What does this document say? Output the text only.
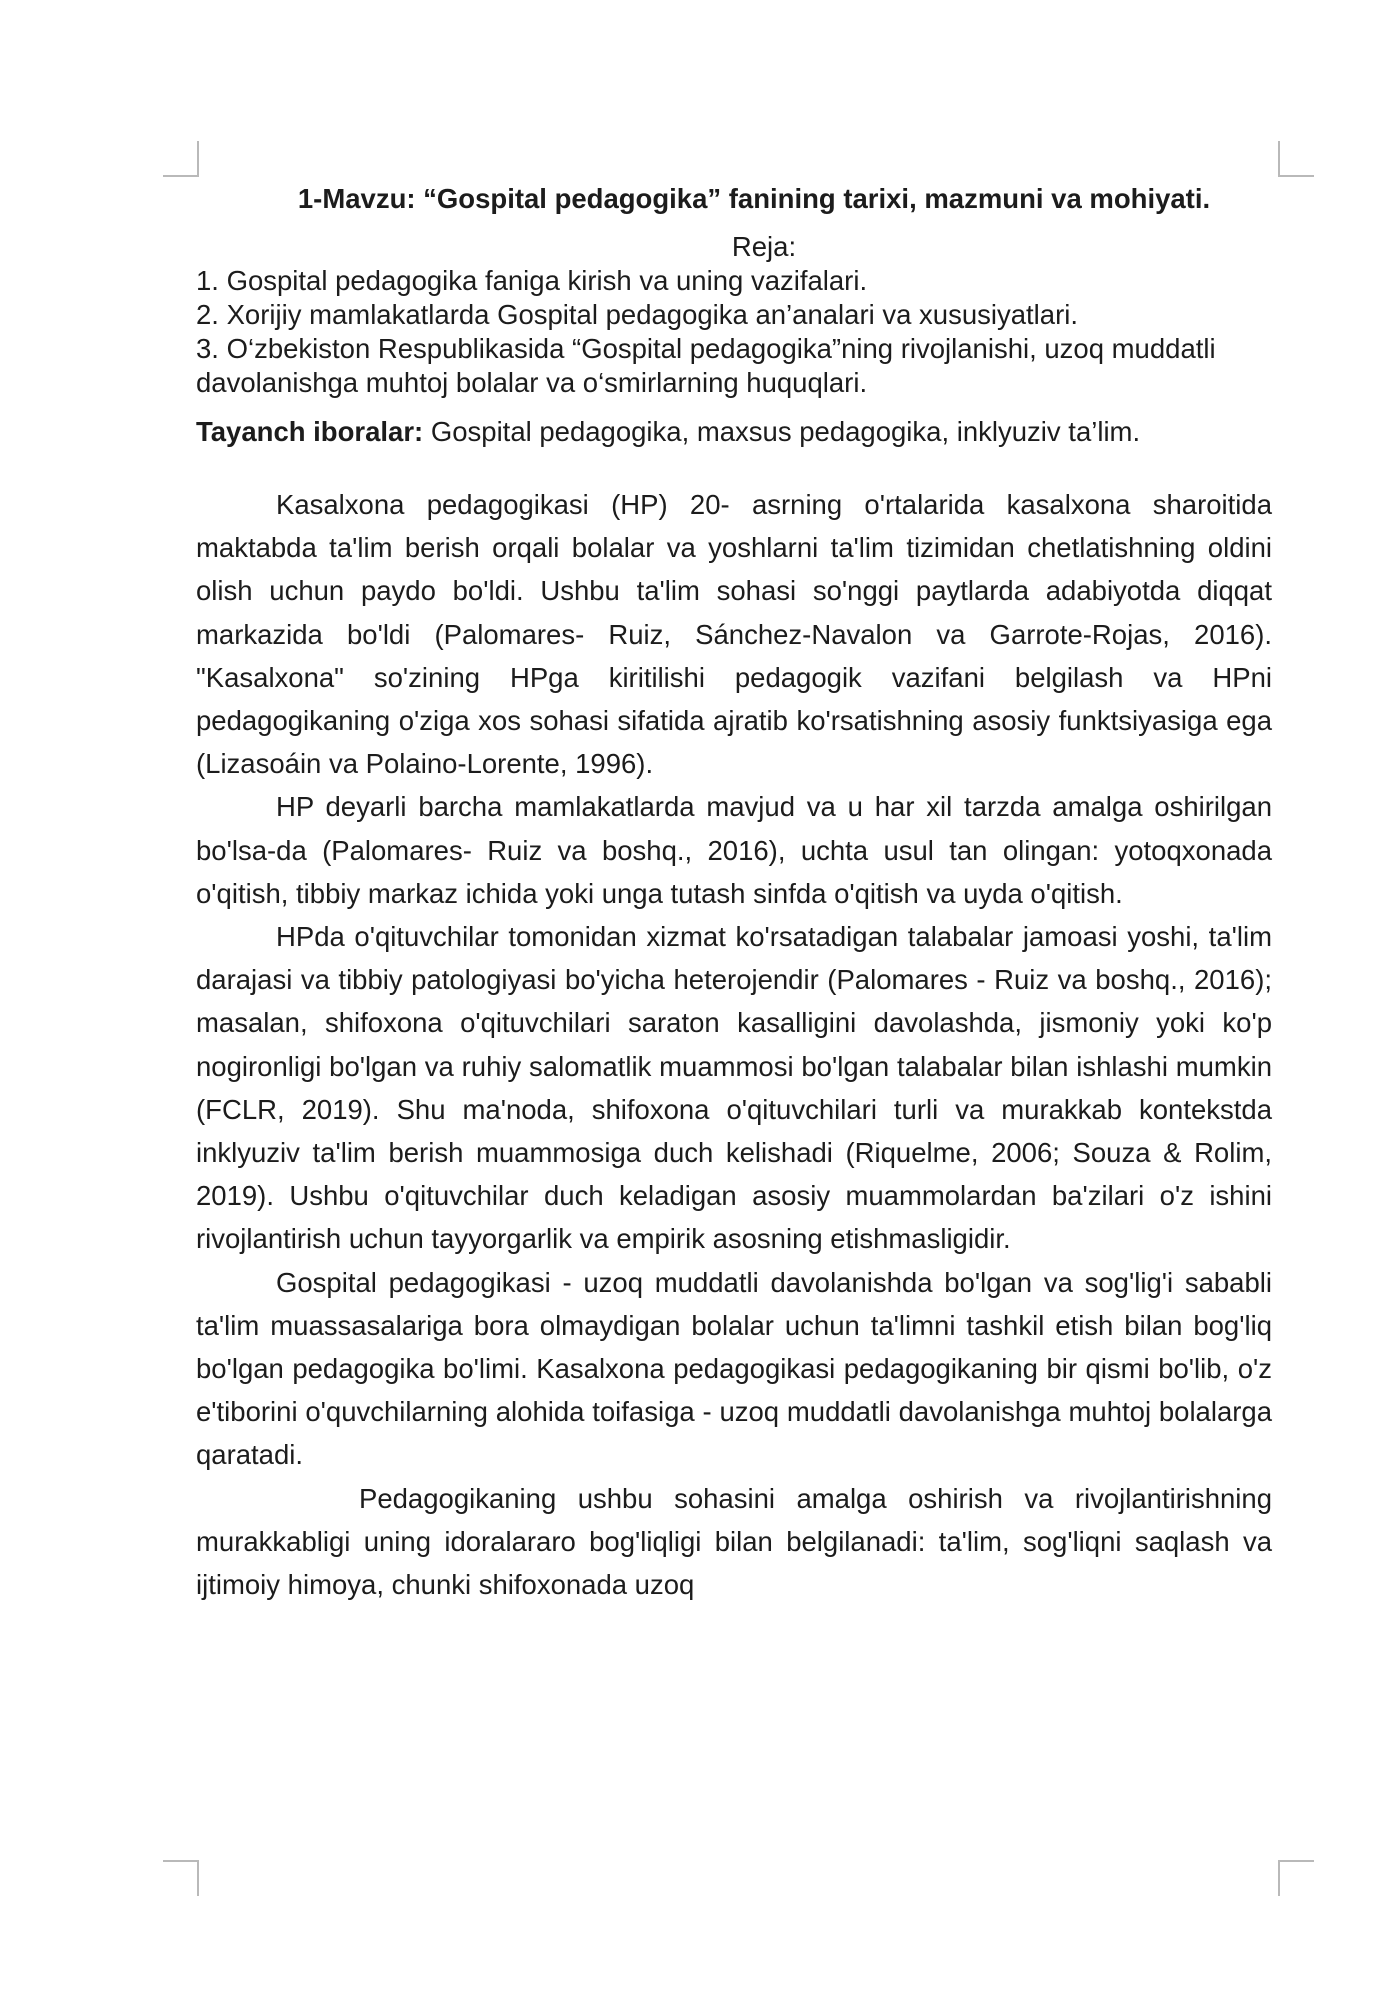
1-Mavzu: “Gospital pedagogika” fanining tarixi, mazmuni va mohiyati.

Reja:

1. Gospital pedagogika faniga kirish va uning vazifalari.

2. Xorijiy mamlakatlarda Gospital pedagogika an’analari va xususiyatlari.

3. O‘zbekiston Respublikasida “Gospital pedagogika”ning rivojlanishi, uzoq muddatli davolanishga muhtoj bolalar va o‘smirlarning huquqlari.

Tayanch iboralar: Gospital pedagogika, maxsus pedagogika, inklyuziv ta’lim.

Kasalxona pedagogikasi (HP) 20- asrning o'rtalarida kasalxona sharoitida maktabda ta'lim berish orqali bolalar va yoshlarni ta'lim tizimidan chetlatishning oldini olish uchun paydo bo'ldi. Ushbu ta'lim sohasi so'nggi paytlarda adabiyotda diqqat markazida bo'ldi (Palomares- Ruiz, Sánchez-Navalon va Garrote-Rojas, 2016). "Kasalxona" so'zining HPga kiritilishi pedagogik vazifani belgilash va HPni pedagogikaning o'ziga xos sohasi sifatida ajratib ko'rsatishning asosiy funktsiyasiga ega (Lizasoáin va Polaino-Lorente, 1996).

HP deyarli barcha mamlakatlarda mavjud va u har xil tarzda amalga oshirilgan bo'lsa-da (Palomares- Ruiz va boshq., 2016), uchta usul tan olingan: yotoqxonada o'qitish, tibbiy markaz ichida yoki unga tutash sinfda o'qitish va uyda o'qitish.

HPda o'qituvchilar tomonidan xizmat ko'rsatadigan talabalar jamoasi yoshi, ta'lim darajasi va tibbiy patologiyasi bo'yicha heterojendir (Palomares - Ruiz va boshq., 2016); masalan, shifoxona o'qituvchilari saraton kasalligini davolashda, jismoniy yoki ko'p nogironligi bo'lgan va ruhiy salomatlik muammosi bo'lgan talabalar bilan ishlashi mumkin (FCLR, 2019). Shu ma'noda, shifoxona o'qituvchilari turli va murakkab kontekstda inklyuziv ta'lim berish muammosiga duch kelishadi (Riquelme, 2006; Souza & Rolim, 2019). Ushbu o'qituvchilar duch keladigan asosiy muammolardan ba'zilari o'z ishini rivojlantirish uchun tayyorgarlik va empirik asosning etishmasligidir.

Gospital pedagogikasi - uzoq muddatli davolanishda bo'lgan va sog'lig'i sababli ta'lim muassasalariga bora olmaydigan bolalar uchun ta'limni tashkil etish bilan bog'liq bo'lgan pedagogika bo'limi. Kasalxona pedagogikasi pedagogikaning bir qismi bo'lib, o'z e'tiborini o'quvchilarning alohida toifasiga - uzoq muddatli davolanishga muhtoj bolalarga qaratadi.

Pedagogikaning ushbu sohasini amalga oshirish va rivojlantirishning murakkabligi uning idoralararo bog'liqligi bilan belgilanadi: ta'lim, sog'liqni saqlash va ijtimoiy himoya, chunki shifoxonada uzoq
